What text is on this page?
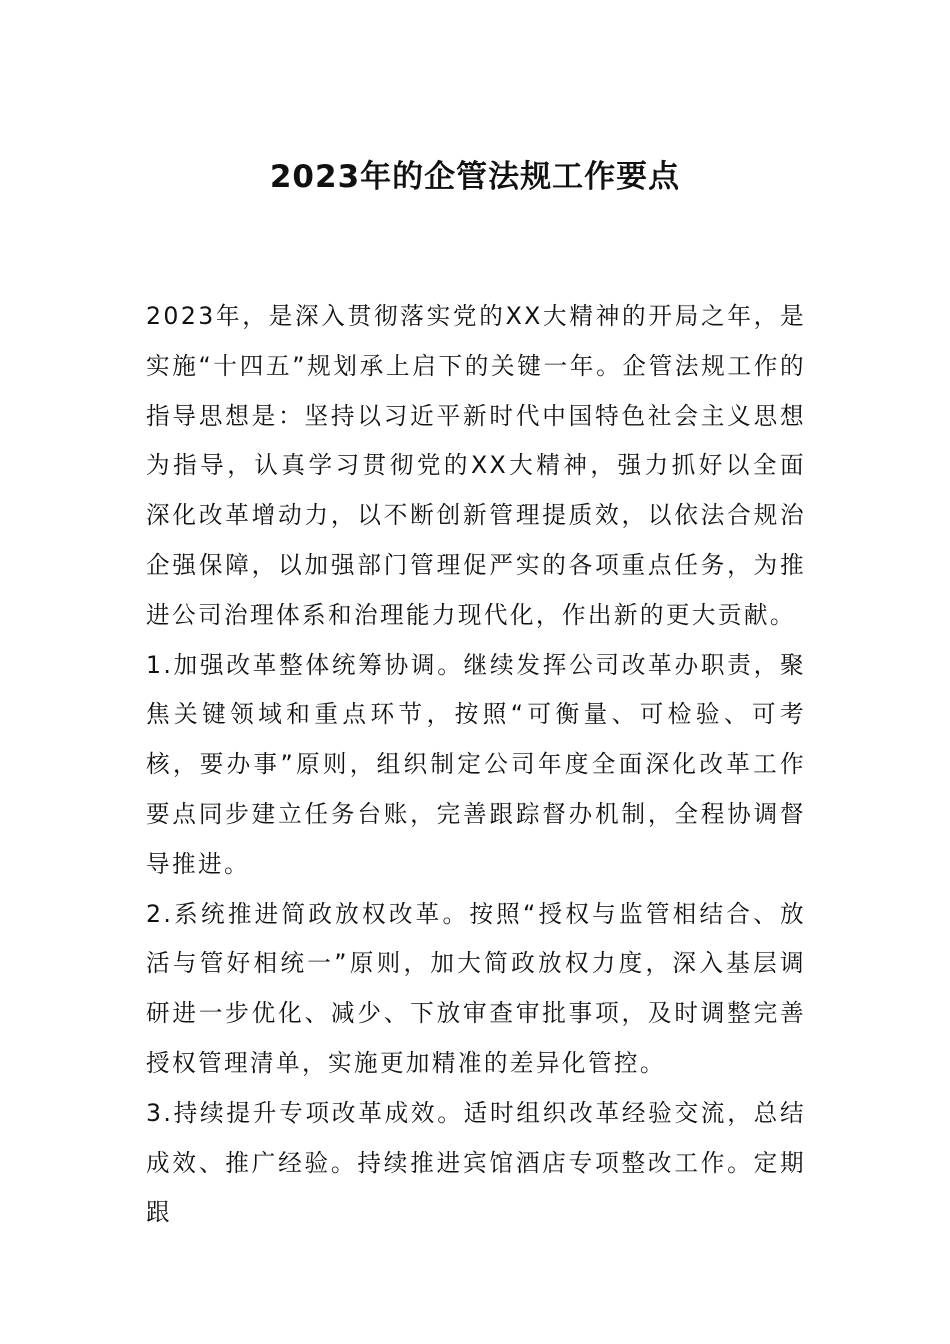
2023年的企管法规工作要点

2023年，是深入贯彻落实党的XX大精神的开局之年，是实施“十四五”规划承上启下的关键一年。企管法规工作的指导思想是：坚持以习近平新时代中国特色社会主义思想为指导，认真学习贯彻党的XX大精神，强力抓好以全面深化改革增动力，以不断创新管理提质效，以依法合规治企强保障，以加强部门管理促严实的各项重点任务，为推进公司治理体系和治理能力现代化，作出新的更大贡献。

1.加强改革整体统筹协调。继续发挥公司改革办职责，聚焦关键领域和重点环节，按照“可衡量、可检验、可考核，要办事”原则，组织制定公司年度全面深化改革工作要点同步建立任务台账，完善跟踪督办机制，全程协调督导推进。

2.系统推进简政放权改革。按照“授权与监管相结合、放活与管好相统一”原则，加大简政放权力度，深入基层调研进一步优化、减少、下放审查审批事项，及时调整完善授权管理清单，实施更加精准的差异化管控。

3.持续提升专项改革成效。适时组织改革经验交流，总结成效、推广经验。持续推进宾馆酒店专项整改工作。定期跟
